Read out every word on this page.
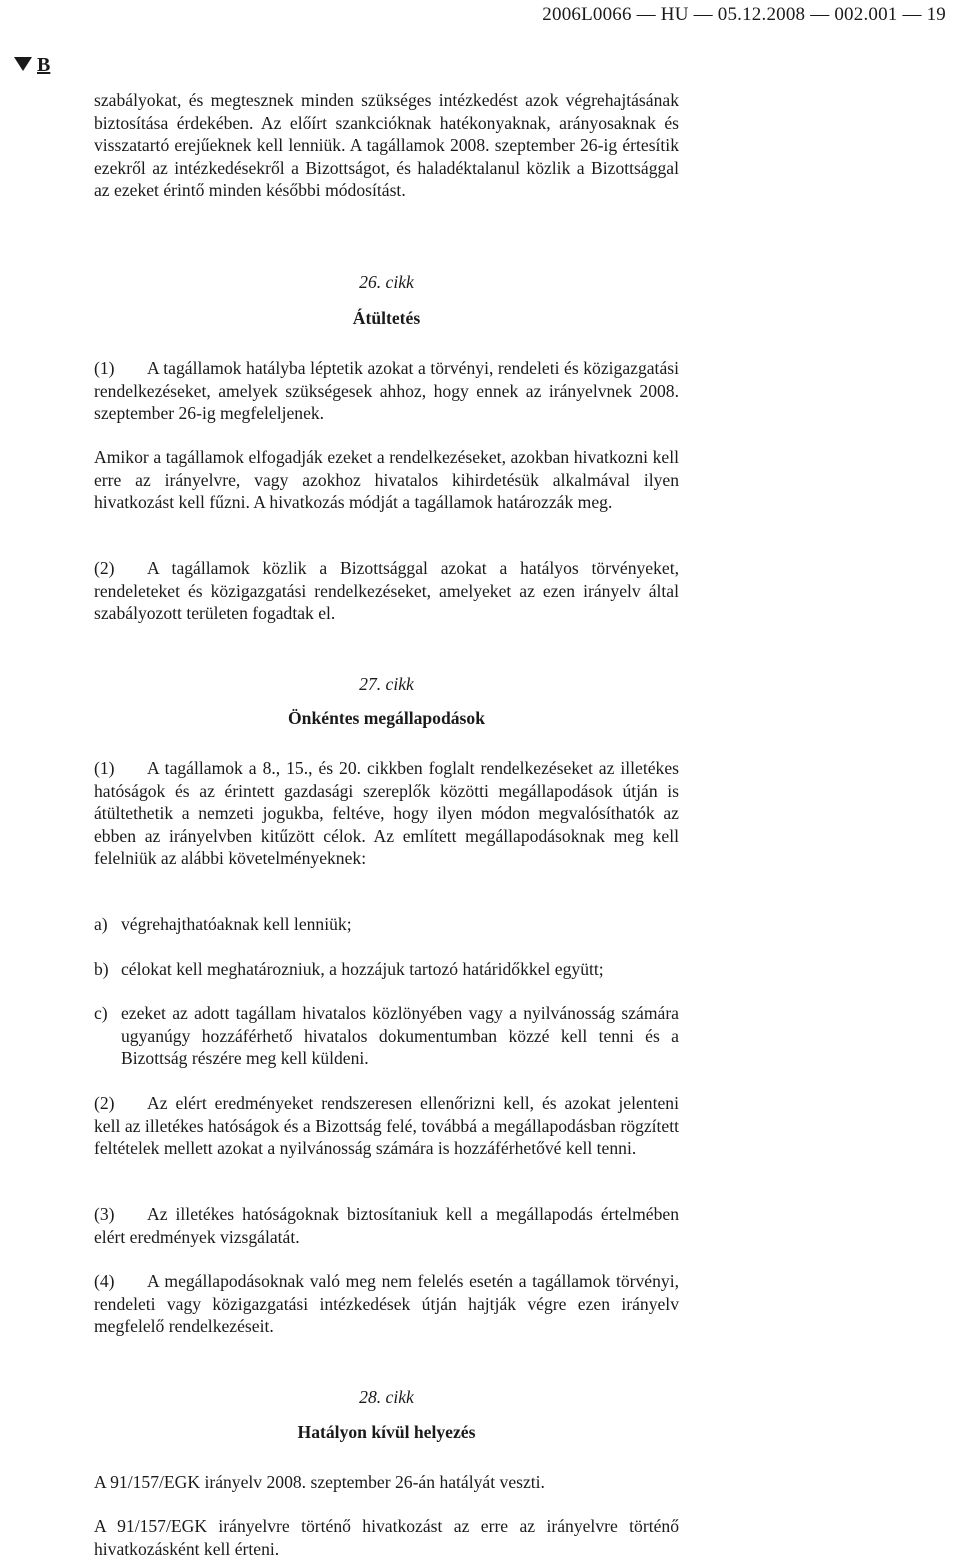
2006L0066 — HU — 05.12.2008 — 002.001 — 19
B

szabályokat, és megtesznek minden szükséges intézkedést azok végrehajtásának biztosítása érdekében. Az előírt szankcióknak hatékonyaknak, arányosaknak és visszatartó erejűeknek kell lenniük. A tagállamok 2008. szeptember 26-ig értesítik ezekről az intézkedésekről a Bizottságot, és haladéktalanul közlik a Bizottsággal az ezeket érintő minden későbbi módosítást.

26. cikk

Átültetés

(1) A tagállamok hatályba léptetik azokat a törvényi, rendeleti és közigazgatási rendelkezéseket, amelyek szükségesek ahhoz, hogy ennek az irányelvnek 2008. szeptember 26-ig megfeleljenek.

Amikor a tagállamok elfogadják ezeket a rendelkezéseket, azokban hivatkozni kell erre az irányelvre, vagy azokhoz hivatalos kihirdetésük alkalmával ilyen hivatkozást kell fűzni. A hivatkozás módját a tagállamok határozzák meg.

(2) A tagállamok közlik a Bizottsággal azokat a hatályos törvényeket, rendeleteket és közigazgatási rendelkezéseket, amelyeket az ezen irányelv által szabályozott területen fogadtak el.

27. cikk

Önkéntes megállapodások

(1) A tagállamok a 8., 15., és 20. cikkben foglalt rendelkezéseket az illetékes hatóságok és az érintett gazdasági szereplők közötti megállapodások útján is átültethetik a nemzeti jogukba, feltéve, hogy ilyen módon megvalósíthatók az ebben az irányelvben kitűzött célok. Az említett megállapodásoknak meg kell felelniük az alábbi követelményeknek:

a) végrehajthatóaknak kell lenniük;
b) célokat kell meghatározniuk, a hozzájuk tartozó határidőkkel együtt;
c) ezeket az adott tagállam hivatalos közlönyében vagy a nyilvánosság számára ugyanúgy hozzáférhető hivatalos dokumentumban közzé kell tenni és a Bizottság részére meg kell küldeni.

(2) Az elért eredményeket rendszeresen ellenőrizni kell, és azokat jelenteni kell az illetékes hatóságok és a Bizottság felé, továbbá a megállapodásban rögzített feltételek mellett azokat a nyilvánosság számára is hozzáférhetővé kell tenni.

(3) Az illetékes hatóságoknak biztosítaniuk kell a megállapodás értelmében elért eredmények vizsgálatát.

(4) A megállapodásoknak való meg nem felelés esetén a tagállamok törvényi, rendeleti vagy közigazgatási intézkedések útján hajtják végre ezen irányelv megfelelő rendelkezéseit.

28. cikk

Hatályon kívül helyezés

A 91/157/EGK irányelv 2008. szeptember 26-án hatályát veszti.

A 91/157/EGK irányelvre történő hivatkozást az erre az irányelvre történő hivatkozásként kell érteni.
